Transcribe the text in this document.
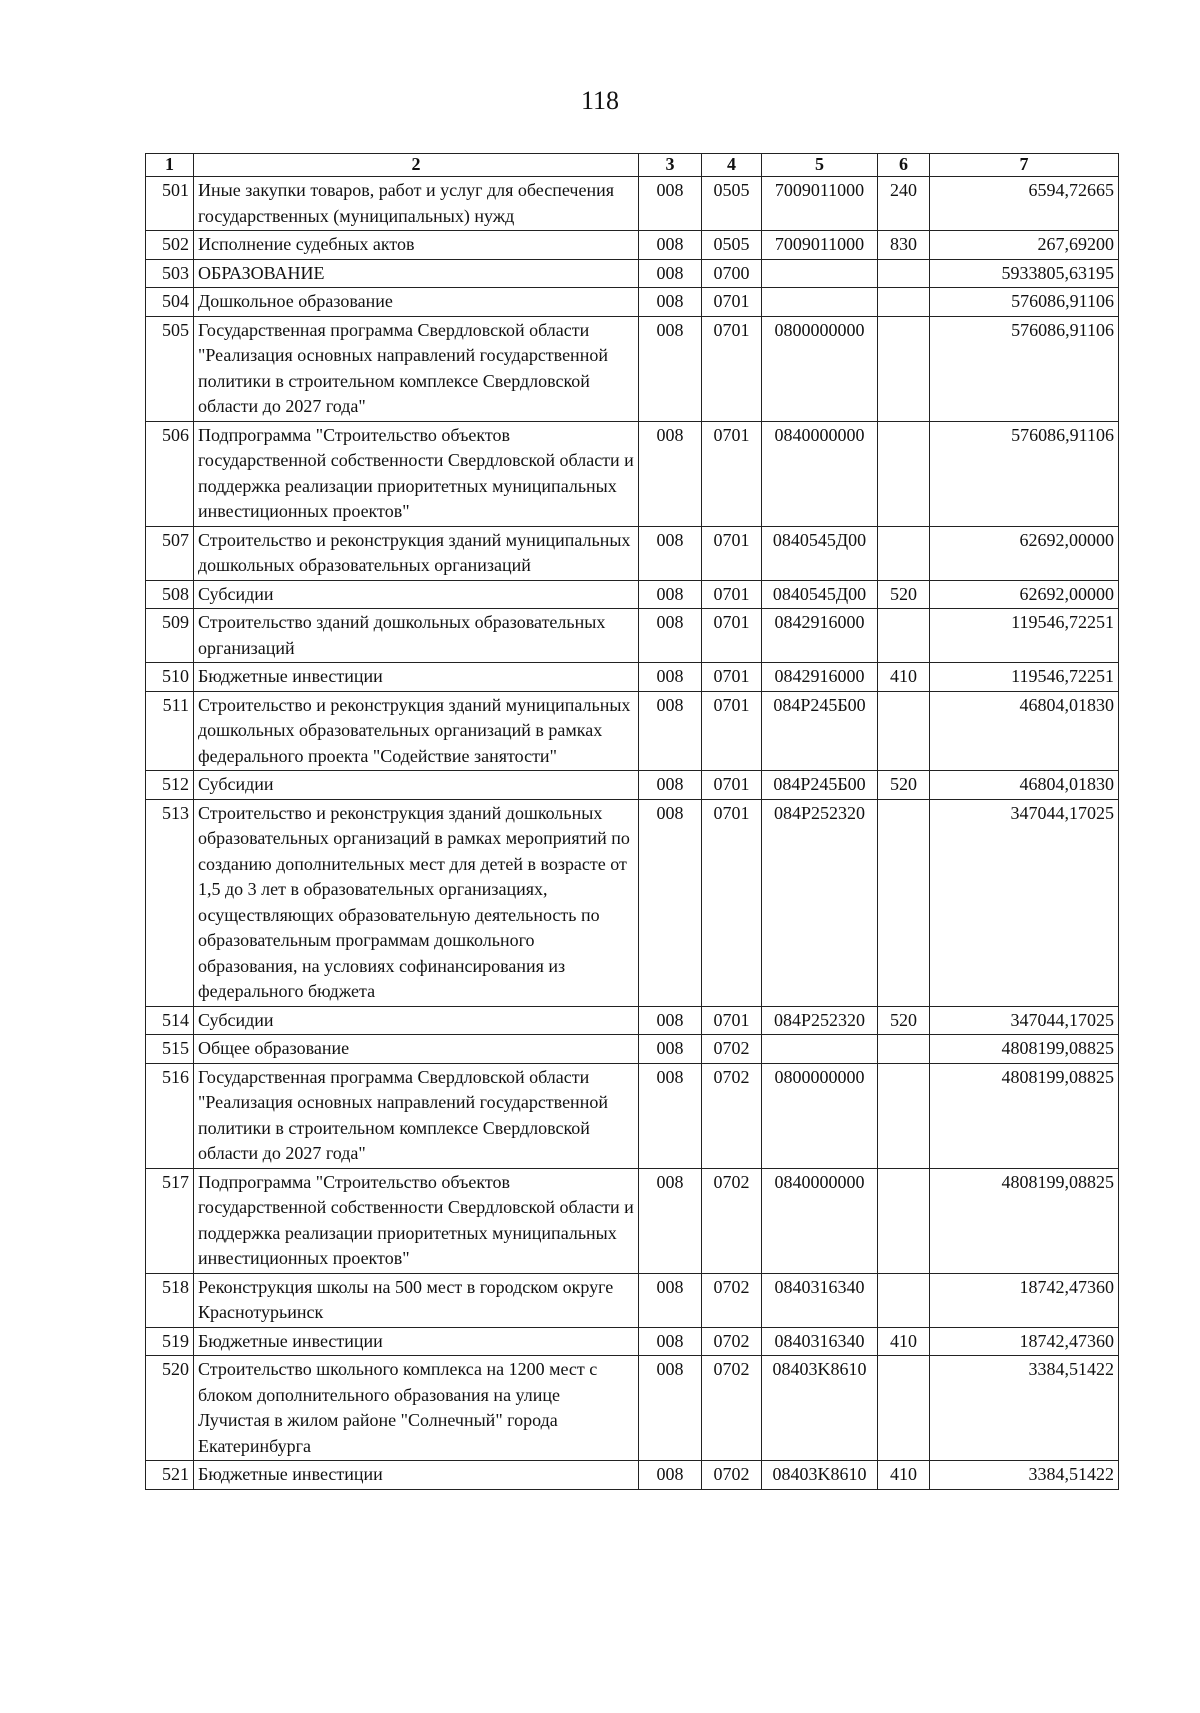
118
1	2	3	4	5	6	7
501	Иные закупки товаров, работ и услуг для обеспечения государственных (муниципальных) нужд	008	0505	7009011000	240	6594,72665
502	Исполнение судебных актов	008	0505	7009011000	830	267,69200
503	ОБРАЗОВАНИЕ	008	0700			5933805,63195
504	Дошкольное образование	008	0701			576086,91106
505	Государственная программа Свердловской области "Реализация основных направлений государственной политики в строительном комплексе Свердловской области до 2027 года"	008	0701	0800000000		576086,91106
506	Подпрограмма "Строительство объектов государственной собственности Свердловской области и поддержка реализации приоритетных муниципальных инвестиционных проектов"	008	0701	0840000000		576086,91106
507	Строительство и реконструкция зданий муниципальных дошкольных образовательных организаций	008	0701	0840545Д00		62692,00000
508	Субсидии	008	0701	0840545Д00	520	62692,00000
509	Строительство зданий дошкольных образовательных организаций	008	0701	0842916000		119546,72251
510	Бюджетные инвестиции	008	0701	0842916000	410	119546,72251
511	Строительство и реконструкция зданий муниципальных дошкольных образовательных организаций в рамках федерального проекта "Содействие занятости"	008	0701	084P245Б00		46804,01830
512	Субсидии	008	0701	084P245Б00	520	46804,01830
513	Строительство и реконструкция зданий дошкольных образовательных организаций в рамках мероприятий по созданию дополнительных мест для детей в возрасте от 1,5 до 3 лет в образовательных организациях, осуществляющих образовательную деятельность по образовательным программам дошкольного образования, на условиях софинансирования из федерального бюджета	008	0701	084P252320		347044,17025
514	Субсидии	008	0701	084P252320	520	347044,17025
515	Общее образование	008	0702			4808199,08825
516	Государственная программа Свердловской области "Реализация основных направлений государственной политики в строительном комплексе Свердловской области до 2027 года"	008	0702	0800000000		4808199,08825
517	Подпрограмма "Строительство объектов государственной собственности Свердловской области и поддержка реализации приоритетных муниципальных инвестиционных проектов"	008	0702	0840000000		4808199,08825
518	Реконструкция школы на 500 мест в городском округе Краснотурьинск	008	0702	0840316340		18742,47360
519	Бюджетные инвестиции	008	0702	0840316340	410	18742,47360
520	Строительство школьного комплекса на 1200 мест с блоком дополнительного образования на улице Лучистая в жилом районе "Солнечный" города Екатеринбурга	008	0702	08403K8610		3384,51422
521	Бюджетные инвестиции	008	0702	08403K8610	410	3384,51422
